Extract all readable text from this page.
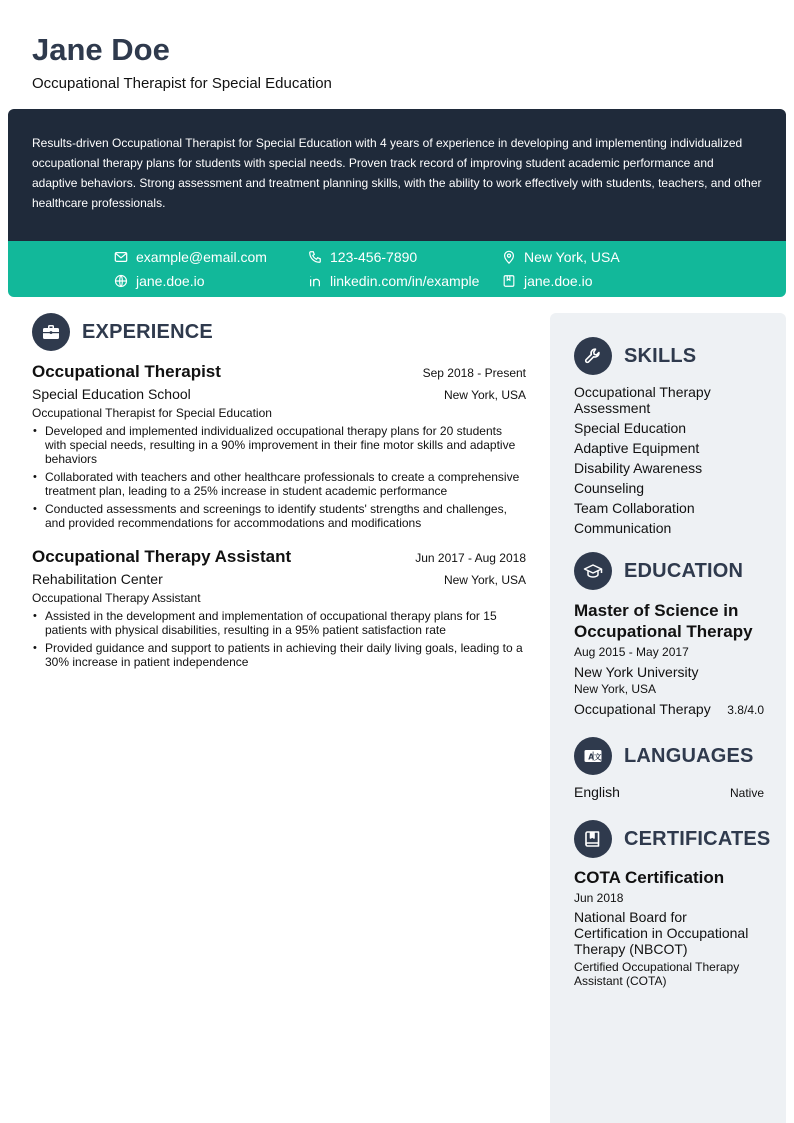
Jane Doe
Occupational Therapist for Special Education
Results-driven Occupational Therapist for Special Education with 4 years of experience in developing and implementing individualized occupational therapy plans for students with special needs. Proven track record of improving student academic performance and adaptive behaviors. Strong assessment and treatment planning skills, with the ability to work effectively with students, teachers, and other healthcare professionals.
example@email.com	123-456-7890	New York, USA
jane.doe.io	linkedin.com/in/example	jane.doe.io
EXPERIENCE
Occupational Therapist	Sep 2018 - Present
Special Education School	New York, USA
Occupational Therapist for Special Education
• Developed and implemented individualized occupational therapy plans for 20 students with special needs, resulting in a 90% improvement in their fine motor skills and adaptive behaviors
• Collaborated with teachers and other healthcare professionals to create a comprehensive treatment plan, leading to a 25% increase in student academic performance
• Conducted assessments and screenings to identify students' strengths and challenges, and provided recommendations for accommodations and modifications
Occupational Therapy Assistant	Jun 2017 - Aug 2018
Rehabilitation Center	New York, USA
Occupational Therapy Assistant
• Assisted in the development and implementation of occupational therapy plans for 15 patients with physical disabilities, resulting in a 95% patient satisfaction rate
• Provided guidance and support to patients in achieving their daily living goals, leading to a 30% increase in patient independence
SKILLS
Occupational Therapy Assessment
Special Education
Adaptive Equipment
Disability Awareness
Counseling
Team Collaboration
Communication
EDUCATION
Master of Science in Occupational Therapy
Aug 2015 - May 2017
New York University
New York, USA
Occupational Therapy 3.8/4.0
A 文 LANGUAGES
English	Native
CERTIFICATES
COTA Certification
Jun 2018
National Board for Certification in Occupational Therapy (NBCOT)
Certified Occupational Therapy Assistant (COTA)
